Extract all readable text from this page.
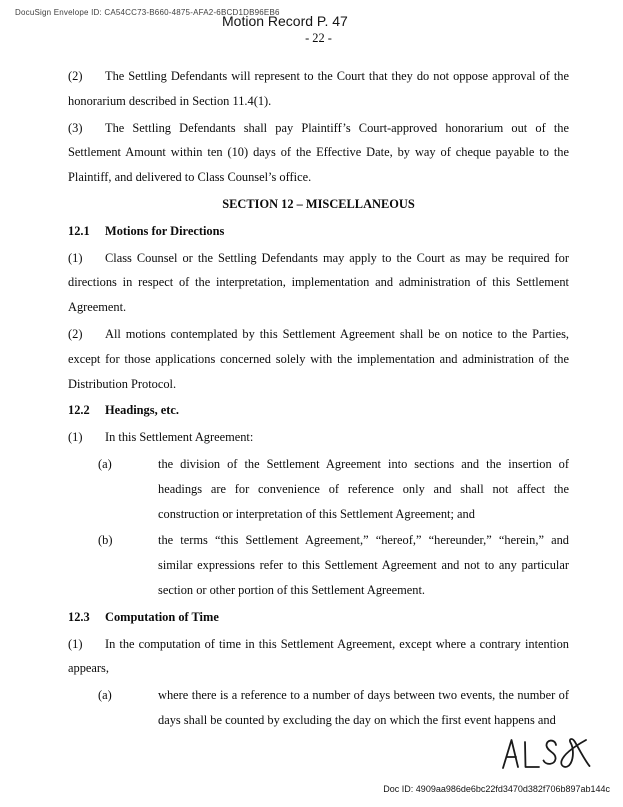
DocuSign Envelope ID: CA54CC73-B660-4875-AFA2-6BCD1DB96EB6
Motion Record P. 47
- 22 -

(2) The Settling Defendants will represent to the Court that they do not oppose approval of the honorarium described in Section 11.4(1).

(3) The Settling Defendants shall pay Plaintiff’s Court-approved honorarium out of the Settlement Amount within ten (10) days of the Effective Date, by way of cheque payable to the Plaintiff, and delivered to Class Counsel’s office.

SECTION 12 – MISCELLANEOUS

12.1	Motions for Directions

(1) Class Counsel or the Settling Defendants may apply to the Court as may be required for directions in respect of the interpretation, implementation and administration of this Settlement Agreement.

(2) All motions contemplated by this Settlement Agreement shall be on notice to the Parties, except for those applications concerned solely with the implementation and administration of the Distribution Protocol.

12.2	Headings, etc.

(1) In this Settlement Agreement:

(a)	the division of the Settlement Agreement into sections and the insertion of headings are for convenience of reference only and shall not affect the construction or interpretation of this Settlement Agreement; and
(b)	the terms “this Settlement Agreement,” “hereof,” “hereunder,” “herein,” and similar expressions refer to this Settlement Agreement and not to any particular section or other portion of this Settlement Agreement.
12.3	Computation of Time

(1) In the computation of time in this Settlement Agreement, except where a contrary intention appears,

(a)	where there is a reference to a number of days between two events, the number of days shall be counted by excluding the day on which the first event happens and
Doc ID: 4909aa986de6bc22fd3470d382f706b897ab144c
